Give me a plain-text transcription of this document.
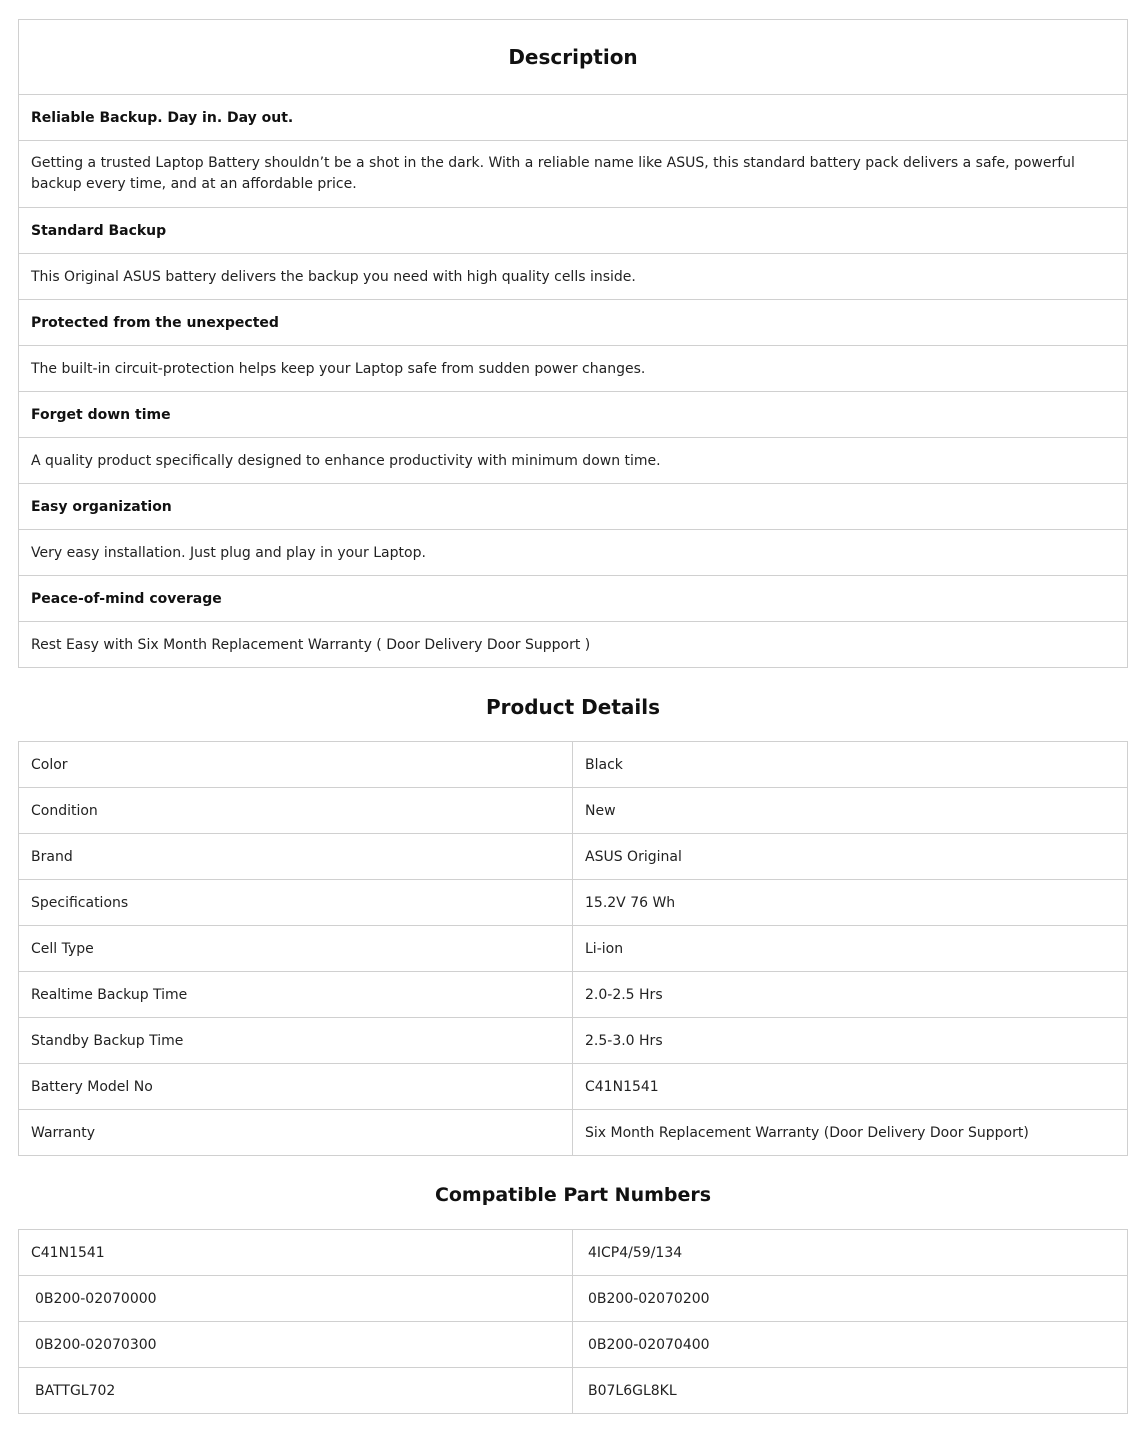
Description
Reliable Backup. Day in. Day out.
Getting a trusted Laptop Battery shouldn’t be a shot in the dark. With a reliable name like ASUS, this standard battery pack delivers a safe, powerful backup every time, and at an affordable price.
Standard Backup
This Original ASUS battery delivers the backup you need with high quality cells inside.
Protected from the unexpected
The built-in circuit-protection helps keep your Laptop safe from sudden power changes.
Forget down time
A quality product specifically designed to enhance productivity with minimum down time.
Easy organization
Very easy installation. Just plug and play in your Laptop.
Peace-of-mind coverage
Rest Easy with Six Month Replacement Warranty ( Door Delivery Door Support )
Product Details
Color	Black
Condition	New
Brand	ASUS Original
Specifications	15.2V 76 Wh
Cell Type	Li-ion
Realtime Backup Time	2.0-2.5 Hrs
Standby Backup Time	2.5-3.0 Hrs
Battery Model No	C41N1541
Warranty	Six Month Replacement Warranty (Door Delivery Door Support)
Compatible Part Numbers
C41N1541	4ICP4/59/134
0B200-02070000	0B200-02070200
0B200-02070300	0B200-02070400
BATTGL702	B07L6GL8KL
